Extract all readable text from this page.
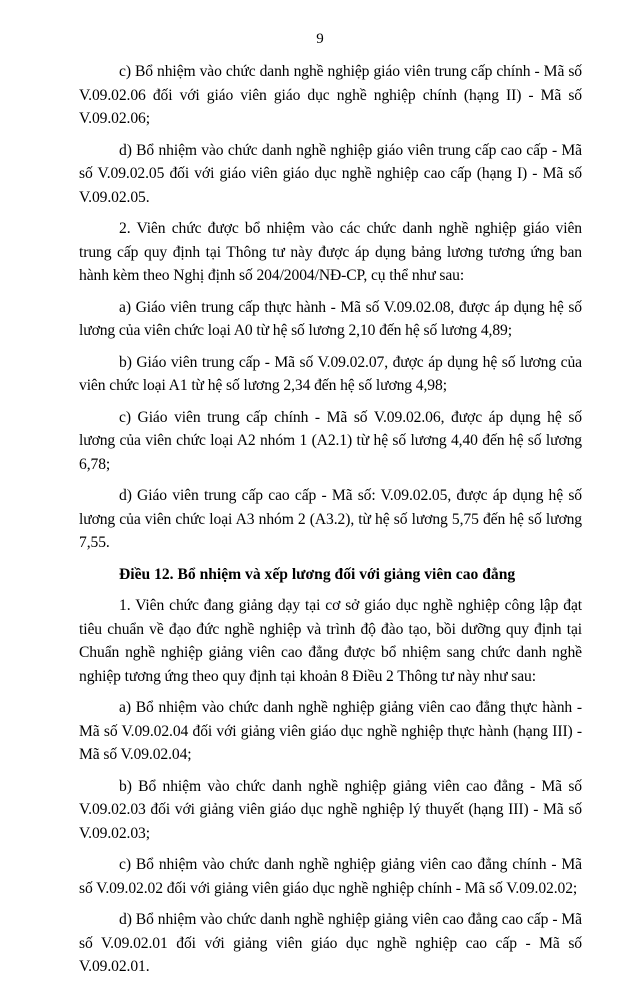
9

c) Bổ nhiệm vào chức danh nghề nghiệp giáo viên trung cấp chính - Mã số V.09.02.06 đối với giáo viên giáo dục nghề nghiệp chính (hạng II) - Mã số V.09.02.06;

d) Bổ nhiệm vào chức danh nghề nghiệp giáo viên trung cấp cao cấp - Mã số V.09.02.05 đối với giáo viên giáo dục nghề nghiệp cao cấp (hạng I) - Mã số V.09.02.05.

2. Viên chức được bổ nhiệm vào các chức danh nghề nghiệp giáo viên trung cấp quy định tại Thông tư này được áp dụng bảng lương tương ứng ban hành kèm theo Nghị định số 204/2004/NĐ-CP, cụ thể như sau:

a) Giáo viên trung cấp thực hành - Mã số V.09.02.08, được áp dụng hệ số lương của viên chức loại A0 từ hệ số lương 2,10 đến hệ số lương 4,89;

b) Giáo viên trung cấp - Mã số V.09.02.07, được áp dụng hệ số lương của viên chức loại A1 từ hệ số lương 2,34 đến hệ số lương 4,98;

c) Giáo viên trung cấp chính - Mã số V.09.02.06, được áp dụng hệ số lương của viên chức loại A2 nhóm 1 (A2.1) từ hệ số lương 4,40 đến hệ số lương 6,78;

d) Giáo viên trung cấp cao cấp - Mã số: V.09.02.05, được áp dụng hệ số lương của viên chức loại A3 nhóm 2 (A3.2), từ hệ số lương 5,75 đến hệ số lương 7,55.

Điều 12. Bổ nhiệm và xếp lương đối với giảng viên cao đẳng

1. Viên chức đang giảng dạy tại cơ sở giáo dục nghề nghiệp công lập đạt tiêu chuẩn về đạo đức nghề nghiệp và trình độ đào tạo, bồi dưỡng quy định tại Chuẩn nghề nghiệp giảng viên cao đẳng được bổ nhiệm sang chức danh nghề nghiệp tương ứng theo quy định tại khoản 8 Điều 2 Thông tư này như sau:

a) Bổ nhiệm vào chức danh nghề nghiệp giảng viên cao đẳng thực hành - Mã số V.09.02.04 đối với giảng viên giáo dục nghề nghiệp thực hành (hạng III) - Mã số V.09.02.04;

b) Bổ nhiệm vào chức danh nghề nghiệp giảng viên cao đẳng - Mã số V.09.02.03 đối với giảng viên giáo dục nghề nghiệp lý thuyết (hạng III) - Mã số V.09.02.03;

c) Bổ nhiệm vào chức danh nghề nghiệp giảng viên cao đẳng chính - Mã số V.09.02.02 đối với giảng viên giáo dục nghề nghiệp chính - Mã số V.09.02.02;

d) Bổ nhiệm vào chức danh nghề nghiệp giảng viên cao đẳng cao cấp - Mã số V.09.02.01 đối với giảng viên giáo dục nghề nghiệp cao cấp - Mã số V.09.02.01.
